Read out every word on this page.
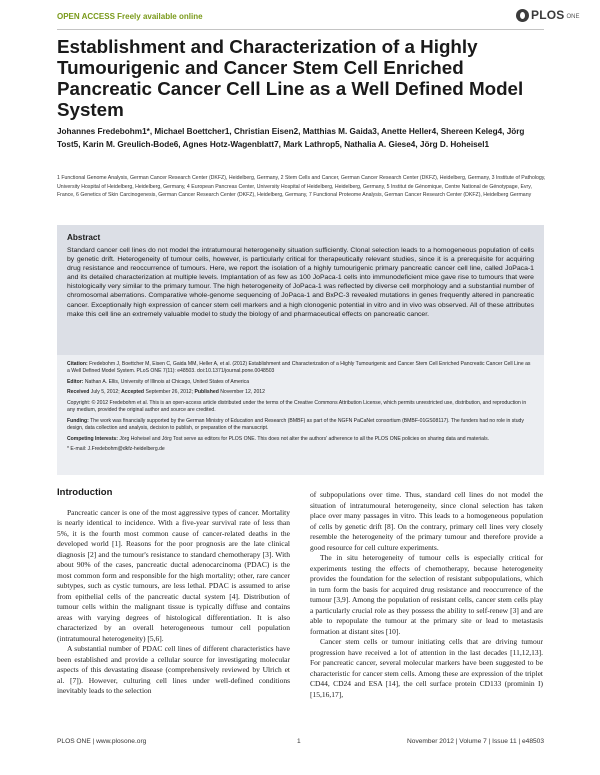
OPEN ACCESS Freely available online	PLOS ONE
Establishment and Characterization of a Highly Tumourigenic and Cancer Stem Cell Enriched Pancreatic Cancer Cell Line as a Well Defined Model System
Johannes Fredebohm1*, Michael Boettcher1, Christian Eisen2, Matthias M. Gaida3, Anette Heller4, Shereen Keleg4, Jörg Tost5, Karin M. Greulich-Bode6, Agnes Hotz-Wagenblatt7, Mark Lathrop5, Nathalia A. Giese4, Jörg D. Hoheisel1
1 Functional Genome Analysis, German Cancer Research Center (DKFZ), Heidelberg, Germany, 2 Stem Cells and Cancer, German Cancer Research Center (DKFZ), Heidelberg, Germany, 3 Institute of Pathology, University Hospital of Heidelberg, Heidelberg, Germany, 4 European Pancreas Center, University Hospital of Heidelberg, Heidelberg, Germany, 5 Institut de Génomique, Centre National de Génotypage, Evry, France, 6 Genetics of Skin Carcinogenesis, German Cancer Research Center (DKFZ), Heidelberg, Germany, 7 Functional Proteome Analysis, German Cancer Research Center (DKFZ), Heidelberg Germany
Abstract

Standard cancer cell lines do not model the intratumoural heterogeneity situation sufficiently. Clonal selection leads to a homogeneous population of cells by genetic drift. Heterogeneity of tumour cells, however, is particularly critical for therapeutically relevant studies, since it is a prerequisite for acquiring drug resistance and reoccurrence of tumours. Here, we report the isolation of a highly tumourigenic primary pancreatic cancer cell line, called JoPaca-1 and its detailed characterization at multiple levels. Implantation of as few as 100 JoPaca-1 cells into immunodeficient mice gave rise to tumours that were histologically very similar to the primary tumour. The high heterogeneity of JoPaca-1 was reflected by diverse cell morphology and a substantial number of chromosomal aberrations. Comparative whole-genome sequencing of JoPaca-1 and BxPC-3 revealed mutations in genes frequently altered in pancreatic cancer. Exceptionally high expression of cancer stem cell markers and a high clonogenic potential in vitro and in vivo was observed. All of these attributes make this cell line an extremely valuable model to study the biology of and pharmaceutical effects on pancreatic cancer.

Citation: Fredebohm J, Boettcher M, Eisen C, Gaida MM, Heller A, et al. (2012) Establishment and Characterization of a Highly Tumourigenic and Cancer Stem Cell Enriched Pancreatic Cancer Cell Line as a Well Defined Model System. PLoS ONE 7(11): e48503. doi:10.1371/journal.pone.0048503

Editor: Nathan A. Ellis, University of Illinois at Chicago, United States of America

Received July 5, 2012; Accepted September 26, 2012; Published November 12, 2012

Copyright: © 2012 Fredebohm et al. This is an open-access article distributed under the terms of the Creative Commons Attribution License, which permits unrestricted use, distribution, and reproduction in any medium, provided the original author and source are credited.

Funding: The work was financially supported by the German Ministry of Education and Research (BMBF) as part of the NGFN PaCaNet consortium (BMBF-01GS08117). The funders had no role in study design, data collection and analysis, decision to publish, or preparation of the manuscript.

Competing Interests: Jörg Hoheisel and Jörg Tost serve as editors for PLOS ONE. This does not alter the authors' adherence to all the PLOS ONE policies on sharing data and materials.

* E-mail: J.Fredebohm@dkfz-heidelberg.de

Introduction

Pancreatic cancer is one of the most aggressive types of cancer. Mortality is nearly identical to incidence. With a five-year survival rate of less than 5%, it is the fourth most common cause of cancer-related deaths in the developed world [1]. Reasons for the poor prognosis are the late clinical diagnosis [2] and the tumour's resistance to standard chemotherapy [3]. With about 90% of the cases, pancreatic ductal adenocarcinoma (PDAC) is the most common form and responsible for the high mortality; other, rare cancer subtypes, such as cystic tumours, are less lethal. PDAC is assumed to arise from epithelial cells of the pancreatic ductal system [4]. Distribution of tumour cells within the malignant tissue is typically diffuse and contains areas with varying degrees of histological differentiation. It is also characterized by an overall heterogeneous tumour cell population (intratumoural heterogeneity) [5,6].

A substantial number of PDAC cell lines of different characteristics have been established and provide a cellular source for investigating molecular aspects of this devastating disease (comprehensively reviewed by Ulrich et al. [7]). However, culturing cell lines under well-defined conditions inevitably leads to the selection

of subpopulations over time. Thus, standard cell lines do not model the situation of intratumoural heterogeneity, since clonal selection has taken place over many passages in vitro. This leads to a homogeneous population of cells by genetic drift [8]. On the contrary, primary cell lines very closely resemble the heterogeneity of the primary tumour and therefore provide a good resource for cell culture experiments.

The in situ heterogeneity of tumour cells is especially critical for experiments testing the effects of chemotherapy, because heterogeneity provides the foundation for the selection of resistant subpopulations, which in turn form the basis for acquired drug resistance and reoccurrence of the tumour [3,9]. Among the population of resistant cells, cancer stem cells play a particularly crucial role as they possess the ability to self-renew [3] and are able to repopulate the tumour at the primary site or lead to metastasis formation at distant sites [10].

Cancer stem cells or tumour initiating cells that are driving tumour progression have received a lot of attention in the last decades [11,12,13]. For pancreatic cancer, several molecular markers have been suggested to be characteristic for cancer stem cells. Among these are expression of the triplet CD44, CD24 and ESA [14], the cell surface protein CD133 (prominin I) [15,16,17],

PLOS ONE | www.plosone.org	1	November 2012 | Volume 7 | Issue 11 | e48503
